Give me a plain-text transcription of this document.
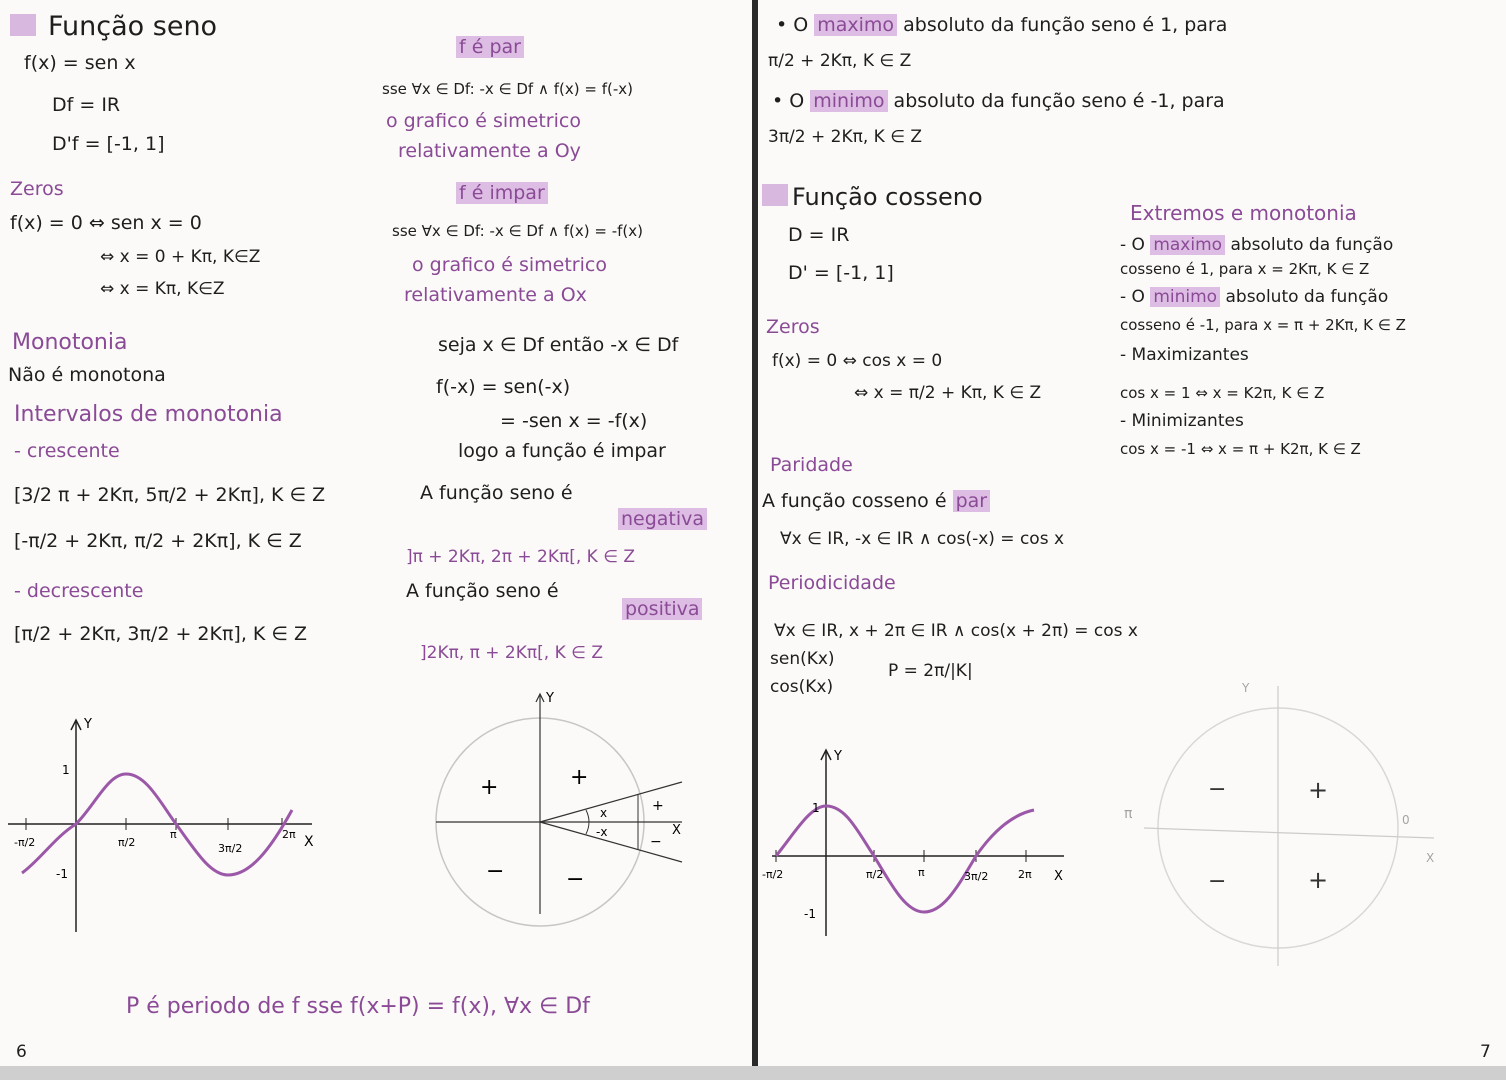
Função seno
f(x) = sen x
Df = IR
D'f = [-1, 1]
Zeros
f(x) = 0 ⇔ sen x = 0
⇔ x = 0 + Kπ, K∈Z
⇔ x = Kπ, K∈Z
Monotonia
Não é monotona
Intervalos de monotonia
- crescente
[3/2 π + 2Kπ, 5π/2 + 2Kπ], K ∈ Z
[-π/2 + 2Kπ, π/2 + 2Kπ], K ∈ Z
- decrescente
[π/2 + 2Kπ, 3π/2 + 2Kπ], K ∈ Z
f é par
sse ∀x ∈ Df: -x ∈ Df ∧ f(x) = f(-x)
o grafico é simetrico
relativamente a Oy
f é impar
sse ∀x ∈ Df: -x ∈ Df ∧ f(x) = -f(x)
o grafico é simetrico
relativamente a Ox
seja x ∈ Df então -x ∈ Df
f(-x) = sen(-x)
= -sen x = -f(x)
logo a função é impar
A função seno é
negativa
]π + 2Kπ, 2π + 2Kπ[, K ∈ Z
A função seno é
positiva
]2Kπ, π + 2Kπ[, K ∈ Z
Y
X
1
-1
-π/2	π/2
π
3π/2
2π
Y
X
+	+
−	−
+
−
x
-x
P é periodo de f sse f(x+P) = f(x), ∀x ∈ Df
6
• O maximo absoluto da função seno é 1, para
π/2 + 2Kπ, K ∈ Z
• O minimo absoluto da função seno é -1, para
3π/2 + 2Kπ, K ∈ Z
Função cosseno
D = IR
D' = [-1, 1]
Zeros
f(x) = 0 ⇔ cos x = 0
⇔ x = π/2 + Kπ, K ∈ Z
Extremos e monotonia
- O maximo absoluto da função
cosseno é 1, para x = 2Kπ, K ∈ Z
- O minimo absoluto da função
cosseno é -1, para x = π + 2Kπ, K ∈ Z
- Maximizantes
cos x = 1 ⇔ x = K2π, K ∈ Z
- Minimizantes
cos x = -1 ⇔ x = π + K2π, K ∈ Z
Paridade
A função cosseno é par
∀x ∈ IR, -x ∈ IR ∧ cos(-x) = cos x
Periodicidade
∀x ∈ IR, x + 2π ∈ IR ∧ cos(x + 2π) = cos x
sen(Kx)
cos(Kx)
P = 2π/|K|
Y
X
1
-1
-π/2	π/2	π	3π/2	2π
Y
X
π	0
−	+
−	+
7
